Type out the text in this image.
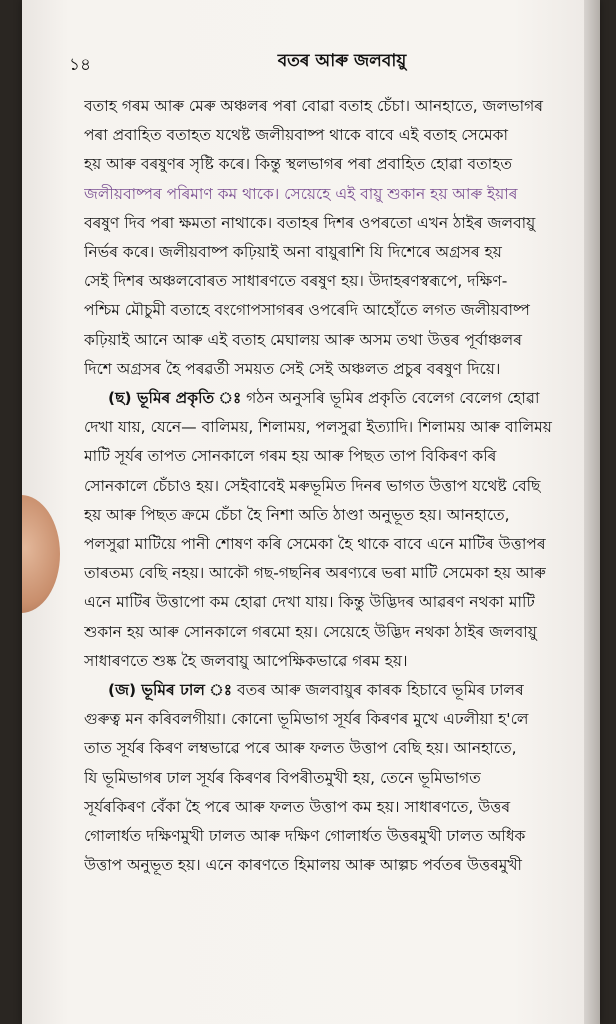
১৪	বতৰ আৰু জলবায়ু
বতাহ গৰম আৰু মেৰু অঞ্চলৰ পৰা বোৱা বতাহ চেঁচা। আনহাতে, জলভাগৰ
পৰা প্ৰবাহিত বতাহত যথেষ্ট জলীয়বাষ্প থাকে বাবে এই বতাহ সেমেকা
হয় আৰু বৰষুণৰ সৃষ্টি কৰে। কিন্তু স্থলভাগৰ পৰা প্ৰবাহিত হোৱা বতাহত
জলীয়বাষ্পৰ পৰিমাণ কম থাকে। সেয়েহে এই বায়ু শুকান হয় আৰু ইয়াৰ
বৰষুণ দিব পৰা ক্ষমতা নাথাকে। বতাহৰ দিশৰ ওপৰতো এখন ঠাইৰ জলবায়ু
নিৰ্ভৰ কৰে। জলীয়বাষ্প কঢ়িয়াই অনা বায়ুৰাশি যি দিশেৰে অগ্ৰসৰ হয়
সেই দিশৰ অঞ্চলবোৰত সাধাৰণতে বৰষুণ হয়। উদাহৰণস্বৰূপে, দক্ষিণ-
পশ্চিম মৌচুমী বতাহে বংগোপসাগৰৰ ওপৰেদি আহোঁতে লগত জলীয়বাষ্প
কঢ়িয়াই আনে আৰু এই বতাহ মেঘালয় আৰু অসম তথা উত্তৰ পূৰ্বাঞ্চলৰ
দিশে অগ্ৰসৰ হৈ পৰৱৰ্তী সময়ত সেই সেই অঞ্চলত প্ৰচুৰ বৰষুণ দিয়ে।
(ছ) ভূমিৰ প্ৰকৃতি ঃ গঠন অনুসৰি ভূমিৰ প্ৰকৃতি বেলেগ বেলেগ হোৱা
দেখা যায়, যেনে— বালিময়, শিলাময়, পলসুৱা ইত্যাদি। শিলাময় আৰু বালিময়
মাটি সূৰ্যৰ তাপত সোনকালে গৰম হয় আৰু পিছত তাপ বিকিৰণ কৰি
সোনকালে চেঁচাও হয়। সেইবাবেই মৰুভূমিত দিনৰ ভাগত উত্তাপ যথেষ্ট বেছি
হয় আৰু পিছত ক্ৰমে চেঁচা হৈ নিশা অতি ঠাণ্ডা অনুভূত হয়। আনহাতে,
পলসুৱা মাটিয়ে পানী শোষণ কৰি সেমেকা হৈ থাকে বাবে এনে মাটিৰ উত্তাপৰ
তাৰতম্য বেছি নহয়। আকৌ গছ-গছনিৰ অৰণ্যৰে ভৰা মাটি সেমেকা হয় আৰু
এনে মাটিৰ উত্তাপো কম হোৱা দেখা যায়। কিন্তু উদ্ভিদৰ আৱৰণ নথকা মাটি
শুকান হয় আৰু সোনকালে গৰমো হয়। সেয়েহে উদ্ভিদ নথকা ঠাইৰ জলবায়ু
সাধাৰণতে শুষ্ক হৈ জলবায়ু আপেক্ষিকভাৱে গৰম হয়।
(জ) ভূমিৰ ঢাল ঃ বতৰ আৰু জলবায়ুৰ কাৰক হিচাবে ভূমিৰ ঢালৰ
গুৰুত্ব মন কৰিবলগীয়া। কোনো ভূমিভাগ সূৰ্যৰ কিৰণৰ মুখে এঢলীয়া হ'লে
তাত সূৰ্যৰ কিৰণ লম্বভাৱে পৰে আৰু ফলত উত্তাপ বেছি হয়। আনহাতে,
যি ভূমিভাগৰ ঢাল সূৰ্যৰ কিৰণৰ বিপৰীতমুখী হয়, তেনে ভূমিভাগত
সূৰ্যৰকিৰণ বেঁকা হৈ পৰে আৰু ফলত উত্তাপ কম হয়। সাধাৰণতে, উত্তৰ
গোলাৰ্ধত দক্ষিণমুখী ঢালত আৰু দক্ষিণ গোলাৰ্ধত উত্তৰমুখী ঢালত অধিক
উত্তাপ অনুভূত হয়। এনে কাৰণতে হিমালয় আৰু আল্পচ পৰ্বতৰ উত্তৰমুখী
